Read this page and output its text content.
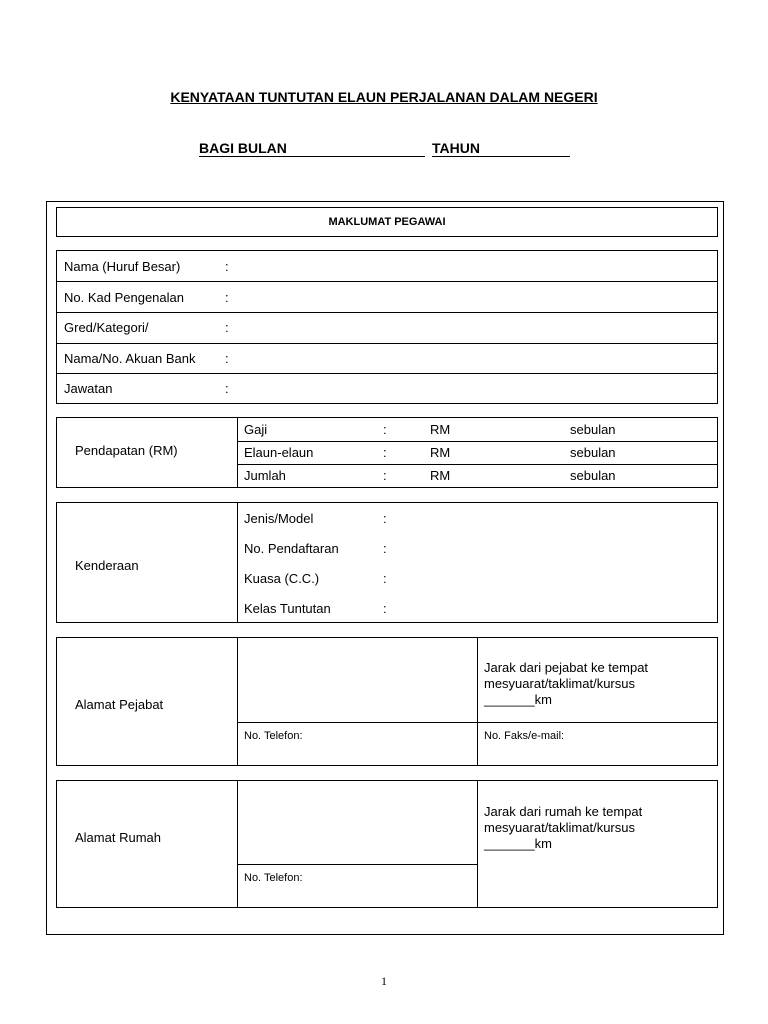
KENYATAAN TUNTUTAN ELAUN PERJALANAN DALAM NEGERI
BAGI BULAN	TAHUN
MAKLUMAT PEGAWAI
Nama (Huruf Besar)	:
No. Kad Pengenalan	:
Gred/Kategori/	:
Nama/No. Akuan Bank :
Jawatan	:
Pendapatan (RM)
Gaji	:	RM	sebulan
Elaun-elaun	:	RM	sebulan
Jumlah	:	RM	sebulan
Kenderaan
Jenis/Model	:
No. Pendaftaran	:
Kuasa (C.C.)	:
Kelas Tuntutan	:
Alamat Pejabat
Jarak dari pejabat ke tempat
mesyuarat/taklimat/kursus
_______km
No. Telefon:	No. Faks/e-mail:
Alamat Rumah
Jarak dari rumah ke tempat
mesyuarat/taklimat/kursus
_______km
No. Telefon:
1
